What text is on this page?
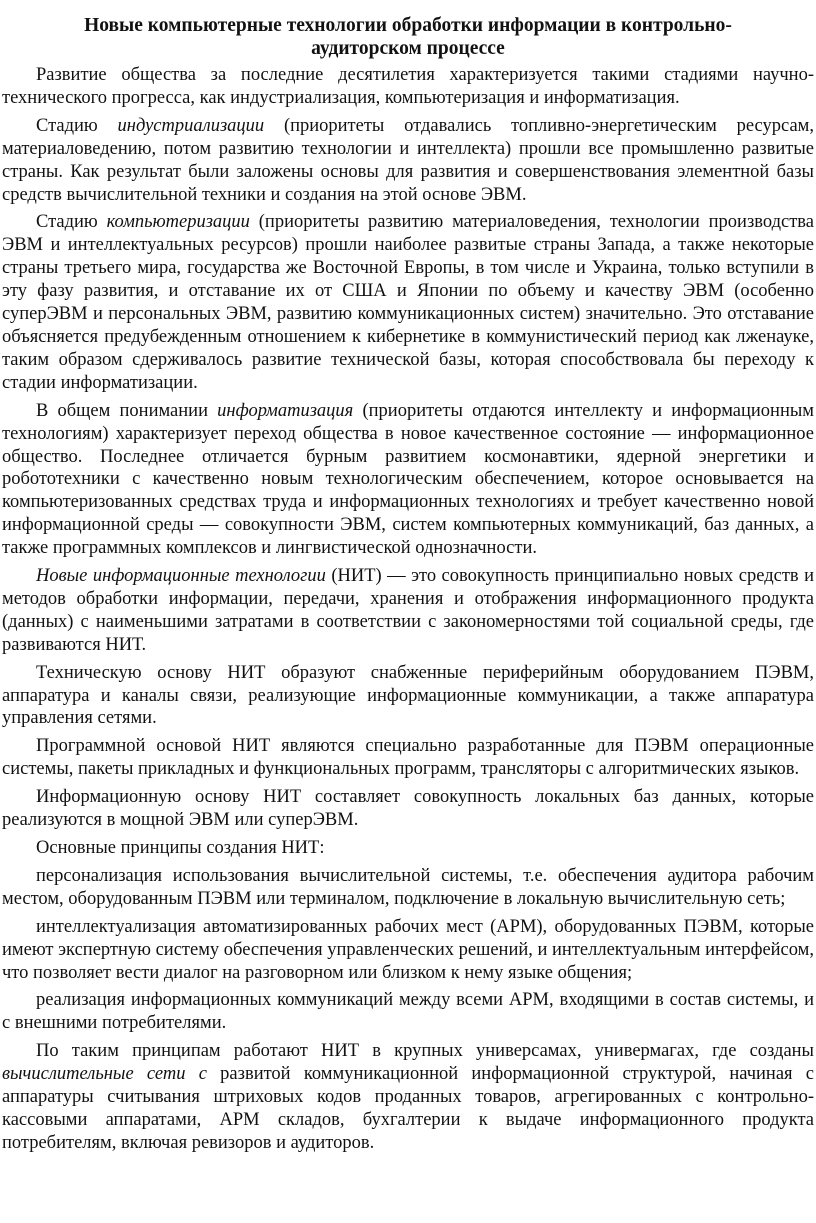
Новые компьютерные технологии обработки информации в контрольно-аудиторском процессе

Развитие общества за последние десятилетия характеризуется такими стадиями научно-технического прогресса, как индустриализация, компьютеризация и информатизация.

Стадию индустриализации (приоритеты отдавались топливно-энергетическим ресурсам, материаловедению, потом развитию технологии и интеллекта) прошли все промышленно развитые страны. Как результат были заложены основы для развития и совершенствования элементной базы средств вычислительной техники и создания на этой основе ЭВМ.

Стадию компьютеризации (приоритеты развитию материаловедения, технологии производства ЭВМ и интеллектуальных ресурсов) прошли наиболее развитые страны Запада, а также некоторые страны третьего мира, государства же Восточной Европы, в том числе и Украина, только вступили в эту фазу развития, и отставание их от США и Японии по объему и качеству ЭВМ (особенно суперЭВМ и персональных ЭВМ, развитию коммуникационных систем) значительно. Это отставание объясняется предубежденным отношением к кибернетике в коммунистический период как лженауке, таким образом сдерживалось развитие технической базы, которая способствовала бы переходу к стадии информатизации.

В общем понимании информатизация (приоритеты отдаются интеллекту и информационным технологиям) характеризует переход общества в новое качественное состояние — информационное общество. Последнее отличается бурным развитием космонавтики, ядерной энергетики и робототехники с качественно новым технологическим обеспечением, которое основывается на компьютеризованных средствах труда и информационных технологиях и требует качественно новой информационной среды — совокупности ЭВМ, систем компьютерных коммуникаций, баз данных, а также программных комплексов и лингвистической однозначности.

Новые информационные технологии (НИТ) — это совокупность принципиально новых средств и методов обработки информации, передачи, хранения и отображения информационного продукта (данных) с наименьшими затратами в соответствии с закономерностями той социальной среды, где развиваются НИТ.

Техническую основу НИТ образуют снабженные периферийным оборудованием ПЭВМ, аппаратура и каналы связи, реализующие информационные коммуникации, а также аппаратура управления сетями.

Программной основой НИТ являются специально разработанные для ПЭВМ операционные системы, пакеты прикладных и функциональных программ, трансляторы с алгоритмических языков.

Информационную основу НИТ составляет совокупность локальных баз данных, которые реализуются в мощной ЭВМ или суперЭВМ.

Основные принципы создания НИТ:

персонализация использования вычислительной системы, т.е. обеспечения аудитора рабочим местом, оборудованным ПЭВМ или терминалом, подключение в локальную вычислительную сеть;

интеллектуализация автоматизированных рабочих мест (АРМ), оборудованных ПЭВМ, которые имеют экспертную систему обеспечения управленческих решений, и интеллектуальным интерфейсом, что позволяет вести диалог на разговорном или близком к нему языке общения;

реализация информационных коммуникаций между всеми АРМ, входящими в состав системы, и с внешними потребителями.

По таким принципам работают НИТ в крупных универсамах, универмагах, где созданы вычислительные сети с развитой коммуникационной информационной структурой, начиная с аппаратуры считывания штриховых кодов проданных товаров, агрегированных с контрольно-кассовыми аппаратами, АРМ складов, бухгалтерии к выдаче информационного продукта потребителям, включая ревизоров и аудиторов.
